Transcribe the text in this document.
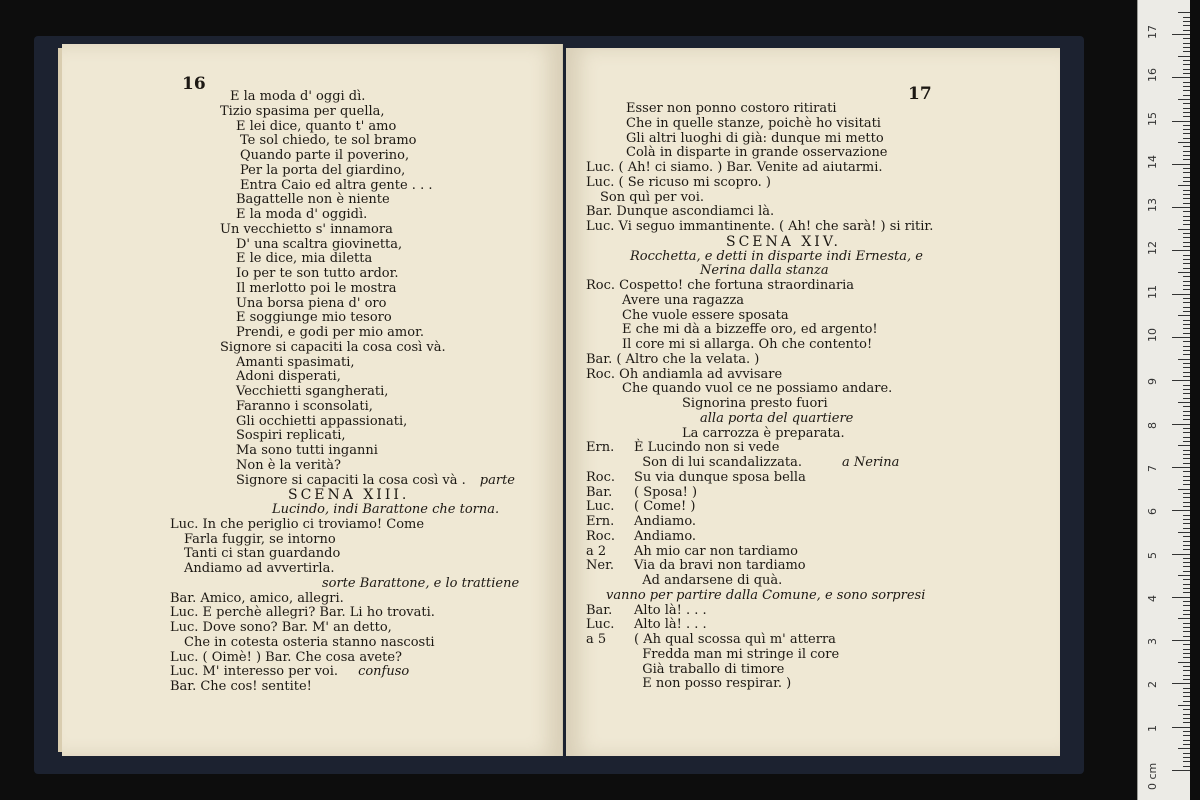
16
E la moda d' oggi dì.
Tizio spasima per quella,
E lei dice, quanto t' amo
Te sol chiedo, te sol bramo
Quando parte il poverino,
Per la porta del giardino,
Entra Caio ed altra gente . . .
Bagattelle non è niente
E la moda d' oggidì.
Un vecchietto s' innamora
D' una scaltra giovinetta,
E le dice, mia diletta
Io per te son tutto ardor.
Il merlotto poi le mostra
Una borsa piena d' oro
E soggiunge mio tesoro
Prendi, e godi per mio amor.
Signore si capaciti la cosa così và.
Amanti spasimati,
Adoni disperati,
Vecchietti sgangherati,
Faranno i sconsolati,
Gli occhietti appassionati,
Sospiri replicati,
Ma sono tutti inganni
Non è la verità?
Signore si capaciti la cosa così và . parte
SCENA XIII.
Lucindo, indi Barattone che torna.
Luc. In che periglio ci troviamo! Come
Farla fuggir, se intorno
Tanti ci stan guardando
Andiamo ad avvertirla.
sorte Barattone, e lo trattiene
Bar. Amico, amico, allegri.
Luc. E perchè allegri? Bar. Li ho trovati.
Luc. Dove sono? Bar. M' an detto,
Che in cotesta osteria stanno nascosti
Luc. ( Oimè! ) Bar. Che cosa avete?
Luc. M' interesso per voi. confuso
Bar. Che cos! sentite!
17
Esser non ponno costoro ritirati
Che in quelle stanze, poichè ho visitati
Gli altri luoghi di già: dunque mi metto
Colà in disparte in grande osservazione
Luc. ( Ah! ci siamo. ) Bar. Venite ad aiutarmi.
Luc. ( Se ricuso mi scopro. )
Son quì per voi.
Bar. Dunque ascondiamci là.
Luc. Vi seguo immantinente. ( Ah! che sarà! ) si ritir.
SCENA XIV.
Rocchetta, e detti in disparte indi Ernesta, e
Nerina dalla stanza
Roc. Cospetto! che fortuna straordinaria
Avere una ragazza
Che vuole essere sposata
E che mi dà a bizzeffe oro, ed argento!
Il core mi si allarga. Oh che contento!
Bar. ( Altro che la velata. )
Roc. Oh andiamla ad avvisare
Che quando vuol ce ne possiamo andare.
Signorina presto fuori
alla porta del quartiere
La carrozza è preparata.
Ern. È Lucindo non si vede
Son di lui scandalizzata.	a Nerina
Roc. Su via dunque sposa bella
Bar. ( Sposa! )
Luc. ( Come! )
Ern. Andiamo.
Roc. Andiamo.
a 2 Ah mio car non tardiamo
Ner. Via da bravi non tardiamo
Ad andarsene di quà.
vanno per partire dalla Comune, e sono sorpresi
Bar. Alto là! . . .
Luc. Alto là! . . .
a 5 ( Ah qual scossa quì m' atterra
Fredda man mi stringe il core
Già traballo di timore
E non posso respirar. )
0 cm
1
2
3
4
5
6
7
8
9
10
11
12
13
14
15
16
17
